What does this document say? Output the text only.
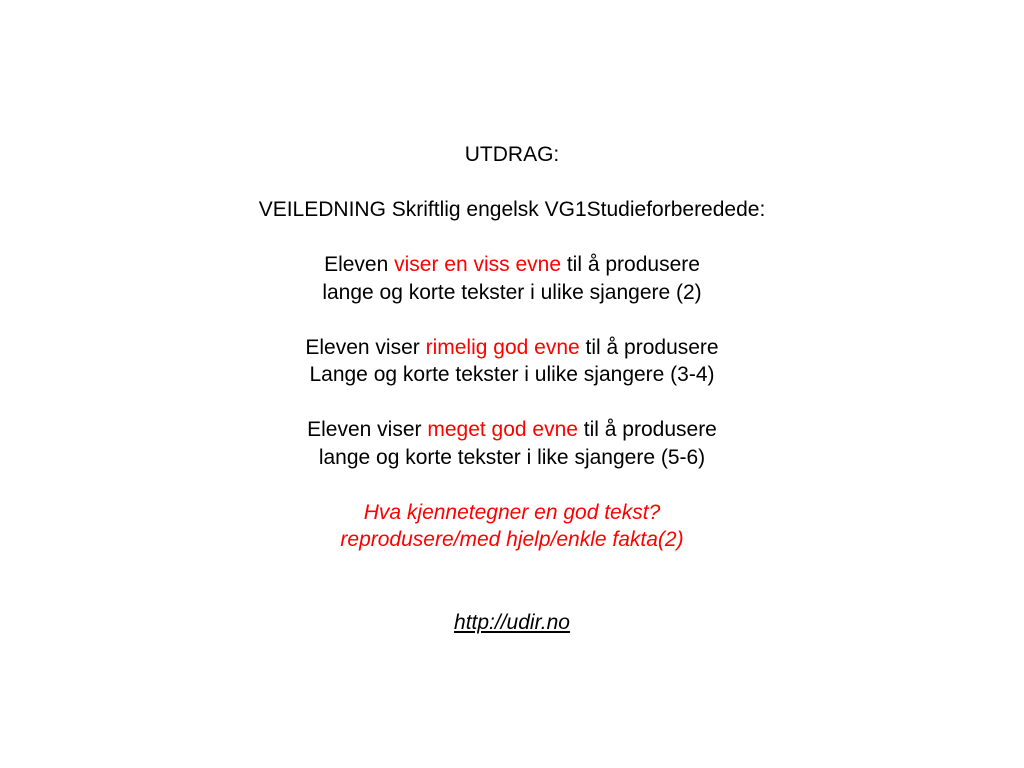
UTDRAG:
VEILEDNING Skriftlig engelsk VG1Studieforberedede:
Eleven viser en viss evne til å produsere
lange og korte tekster i ulike sjangere (2)
Eleven viser rimelig god evne til å produsere
Lange og korte tekster i ulike sjangere (3-4)
Eleven viser meget god evne til å produsere
lange og korte tekster i like sjangere (5-6)
Hva kjennetegner en god tekst?
reprodusere/med hjelp/enkle fakta(2)
http://udir.no
